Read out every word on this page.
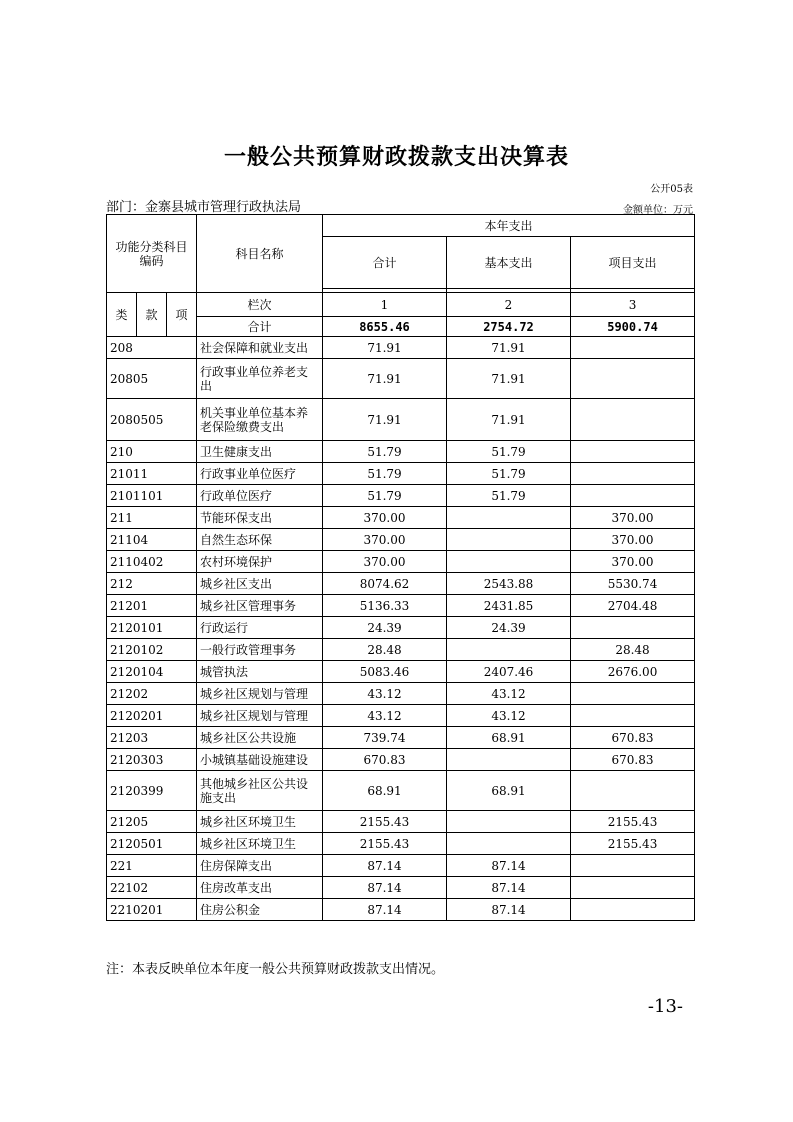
一般公共预算财政拨款支出决算表
公开05表
部门：金寨县城市管理行政执法局	金额单位：万元
功能分类科目编码			科目名称	本年支出		
				合计	基本支出	项目支出

类	款	项	栏次	1	2	3
			合计	8655.46	2754.72	5900.74
208			社会保障和就业支出	71.91	71.91	
20805			行政事业单位养老支出	71.91	71.91	
2080505			机关事业单位基本养老保险缴费支出	71.91	71.91	
210			卫生健康支出	51.79	51.79	
21011			行政事业单位医疗	51.79	51.79	
2101101			行政单位医疗	51.79	51.79	
211			节能环保支出	370.00		370.00
21104			自然生态环保	370.00		370.00
2110402			农村环境保护	370.00		370.00
212			城乡社区支出	8074.62	2543.88	5530.74
21201			城乡社区管理事务	5136.33	2431.85	2704.48
2120101			行政运行	24.39	24.39	
2120102			一般行政管理事务	28.48		28.48
2120104			城管执法	5083.46	2407.46	2676.00
21202			城乡社区规划与管理	43.12	43.12	
2120201			城乡社区规划与管理	43.12	43.12	
21203			城乡社区公共设施	739.74	68.91	670.83
2120303			小城镇基础设施建设	670.83		670.83
2120399			其他城乡社区公共设施支出	68.91	68.91	
21205			城乡社区环境卫生	2155.43		2155.43
2120501			城乡社区环境卫生	2155.43		2155.43
221			住房保障支出	87.14	87.14	
22102			住房改革支出	87.14	87.14	
2210201			住房公积金	87.14	87.14	
注：本表反映单位本年度一般公共预算财政拨款支出情况。
-13-
